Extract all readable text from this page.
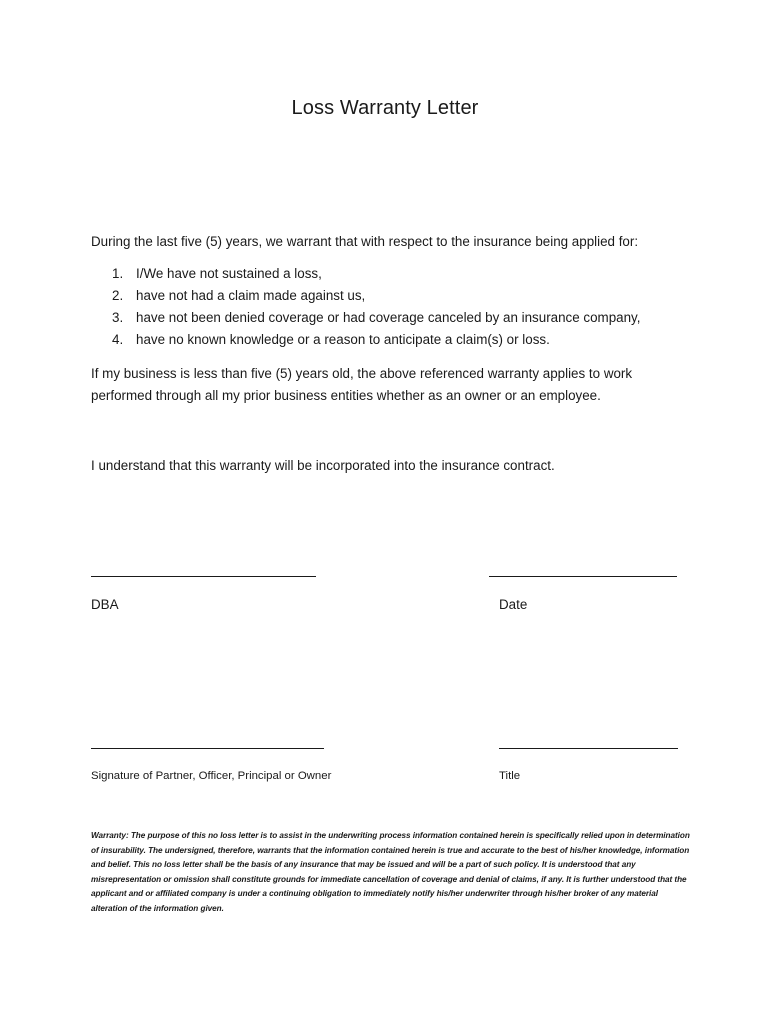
Loss Warranty Letter
During the last five (5) years, we warrant that with respect to the insurance being applied for:
1. I/We have not sustained a loss,
2. have not had a claim made against us,
3. have not been denied coverage or had coverage canceled by an insurance company,
4. have no known knowledge or a reason to anticipate a claim(s) or loss.
If my business is less than five (5) years old, the above referenced warranty applies to work performed through all my prior business entities whether as an owner or an employee.
I understand that this warranty will be incorporated into the insurance contract.
DBA	Date
Signature of Partner, Officer, Principal or Owner	Title
Warranty: The purpose of this no loss letter is to assist in the underwriting process information contained herein is specifically relied upon in determination of insurability. The undersigned, therefore, warrants that the information contained herein is true and accurate to the best of his/her knowledge, information and belief. This no loss letter shall be the basis of any insurance that may be issued and will be a part of such policy. It is understood that any misrepresentation or omission shall constitute grounds for immediate cancellation of coverage and denial of claims, if any. It is further understood that the applicant and or affiliated company is under a continuing obligation to immediately notify his/her underwriter through his/her broker of any material alteration of the information given.
